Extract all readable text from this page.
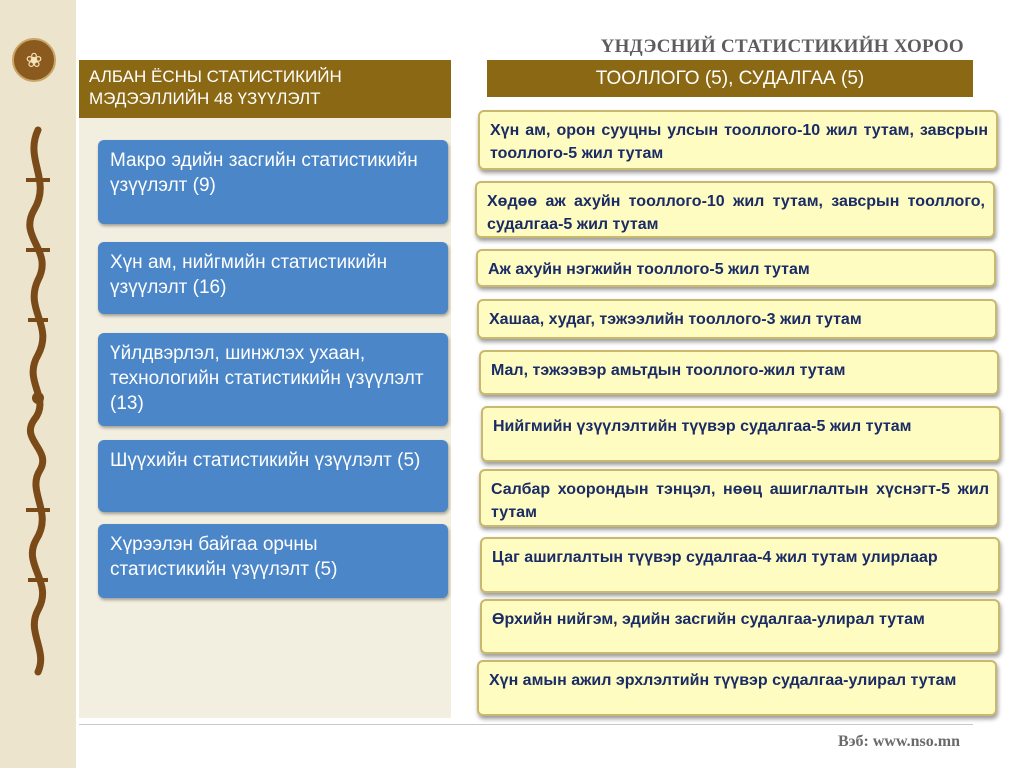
❀
ҮНДЭСНИЙ СТАТИСТИКИЙН ХОРОО
АЛБАН ЁСНЫ СТАТИСТИКИЙН
МЭДЭЭЛЛИЙН 48 ҮЗҮҮЛЭЛТ
ТООЛЛОГО (5), СУДАЛГАА (5)
Макро эдийн засгийн статистикийн үзүүлэлт (9)
Хүн ам, нийгмийн статистикийн үзүүлэлт (16)
Үйлдвэрлэл, шинжлэх ухаан, технологийн статистикийн үзүүлэлт (13)
Шүүхийн статистикийн үзүүлэлт (5)
Хүрээлэн байгаа орчны статистикийн үзүүлэлт (5)
Хүн ам, орон сууцны улсын тооллого-10 жил тутам, завсрын тооллого-5 жил тутам
Хөдөө аж ахуйн тооллого-10 жил тутам, завсрын тооллого, судалгаа-5 жил тутам
Аж ахуйн нэгжийн тооллого-5 жил тутам
Хашаа, худаг, тэжээлийн тооллого-3 жил тутам
Мал, тэжээвэр амьтдын тооллого-жил тутам
Нийгмийн үзүүлэлтийн түүвэр судалгаа-5 жил тутам
Салбар хоорондын тэнцэл, нөөц ашиглалтын хүснэгт-5 жил тутам
Цаг ашиглалтын түүвэр судалгаа-4 жил тутам улирлаар
Өрхийн нийгэм, эдийн засгийн судалгаа-улирал тутам
Хүн амын ажил эрхлэлтийн түүвэр судалгаа-улирал тутам
Вэб: www.nso.mn
